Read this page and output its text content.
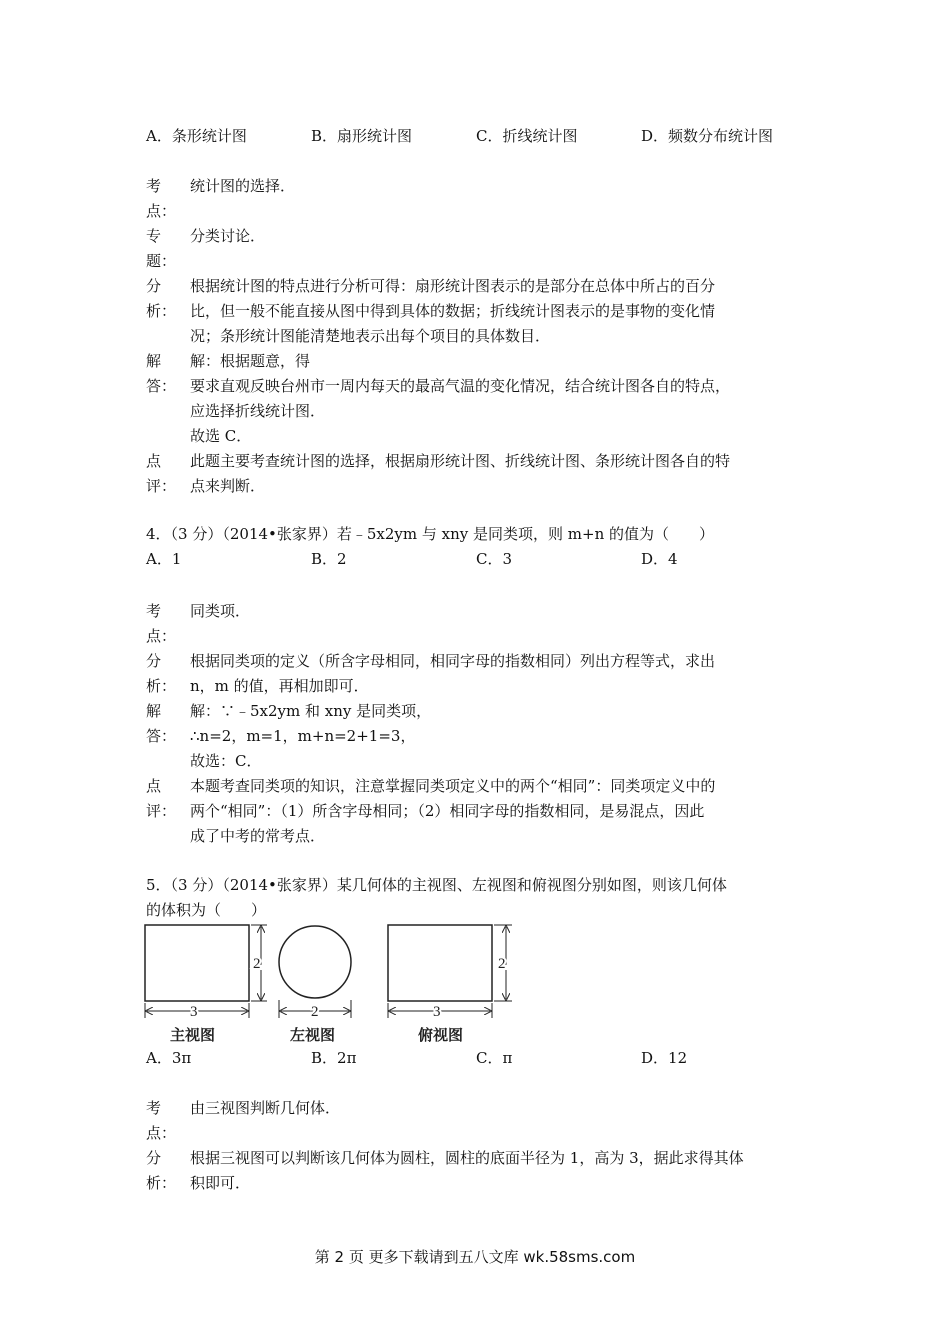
A．条形统计图	B．扇形统计图	C．折线统计图	D．频数分布统计图
考
点：
统计图的选择．
专
题：
分类讨论．
分
析：
根据统计图的特点进行分析可得：扇形统计图表示的是部分在总体中所占的百分
比，但一般不能直接从图中得到具体的数据；折线统计图表示的是事物的变化情
况；条形统计图能清楚地表示出每个项目的具体数目．
解
答：
解：根据题意，得
要求直观反映台州市一周内每天的最高气温的变化情况，结合统计图各自的特点，
应选择折线统计图．
故选 C．
点
评：
此题主要考查统计图的选择，根据扇形统计图、折线统计图、条形统计图各自的特
点来判断．
4．（3 分）（2014•张家界）若﹣5x2ym 与 xny 是同类项，则 m+n 的值为（　　）
A．1	B．2	C．3	D．4
考
点：
同类项．
分
析：
根据同类项的定义（所含字母相同，相同字母的指数相同）列出方程等式，求出
n，m 的值，再相加即可．
解
答：
解：∵﹣5x2ym 和 xny 是同类项，
∴n=2，m=1，m+n=2+1=3，
故选：C．
点
评：
本题考查同类项的知识，注意掌握同类项定义中的两个“相同”：同类项定义中的
两个“相同”：（1）所含字母相同；（2）相同字母的指数相同，是易混点，因此
成了中考的常考点．
5．（3 分）（2014•张家界）某几何体的主视图、左视图和俯视图分别如图，则该几何体
的体积为（　　）
3
2
主视图
2
左视图
3
2
俯视图
A．3π	B．2π	C．π	D．12
考
点：
由三视图判断几何体．
分
析：
根据三视图可以判断该几何体为圆柱，圆柱的底面半径为 1，高为 3，据此求得其体
积即可．
第 2 页 更多下载请到五八文库 wk.58sms.com
